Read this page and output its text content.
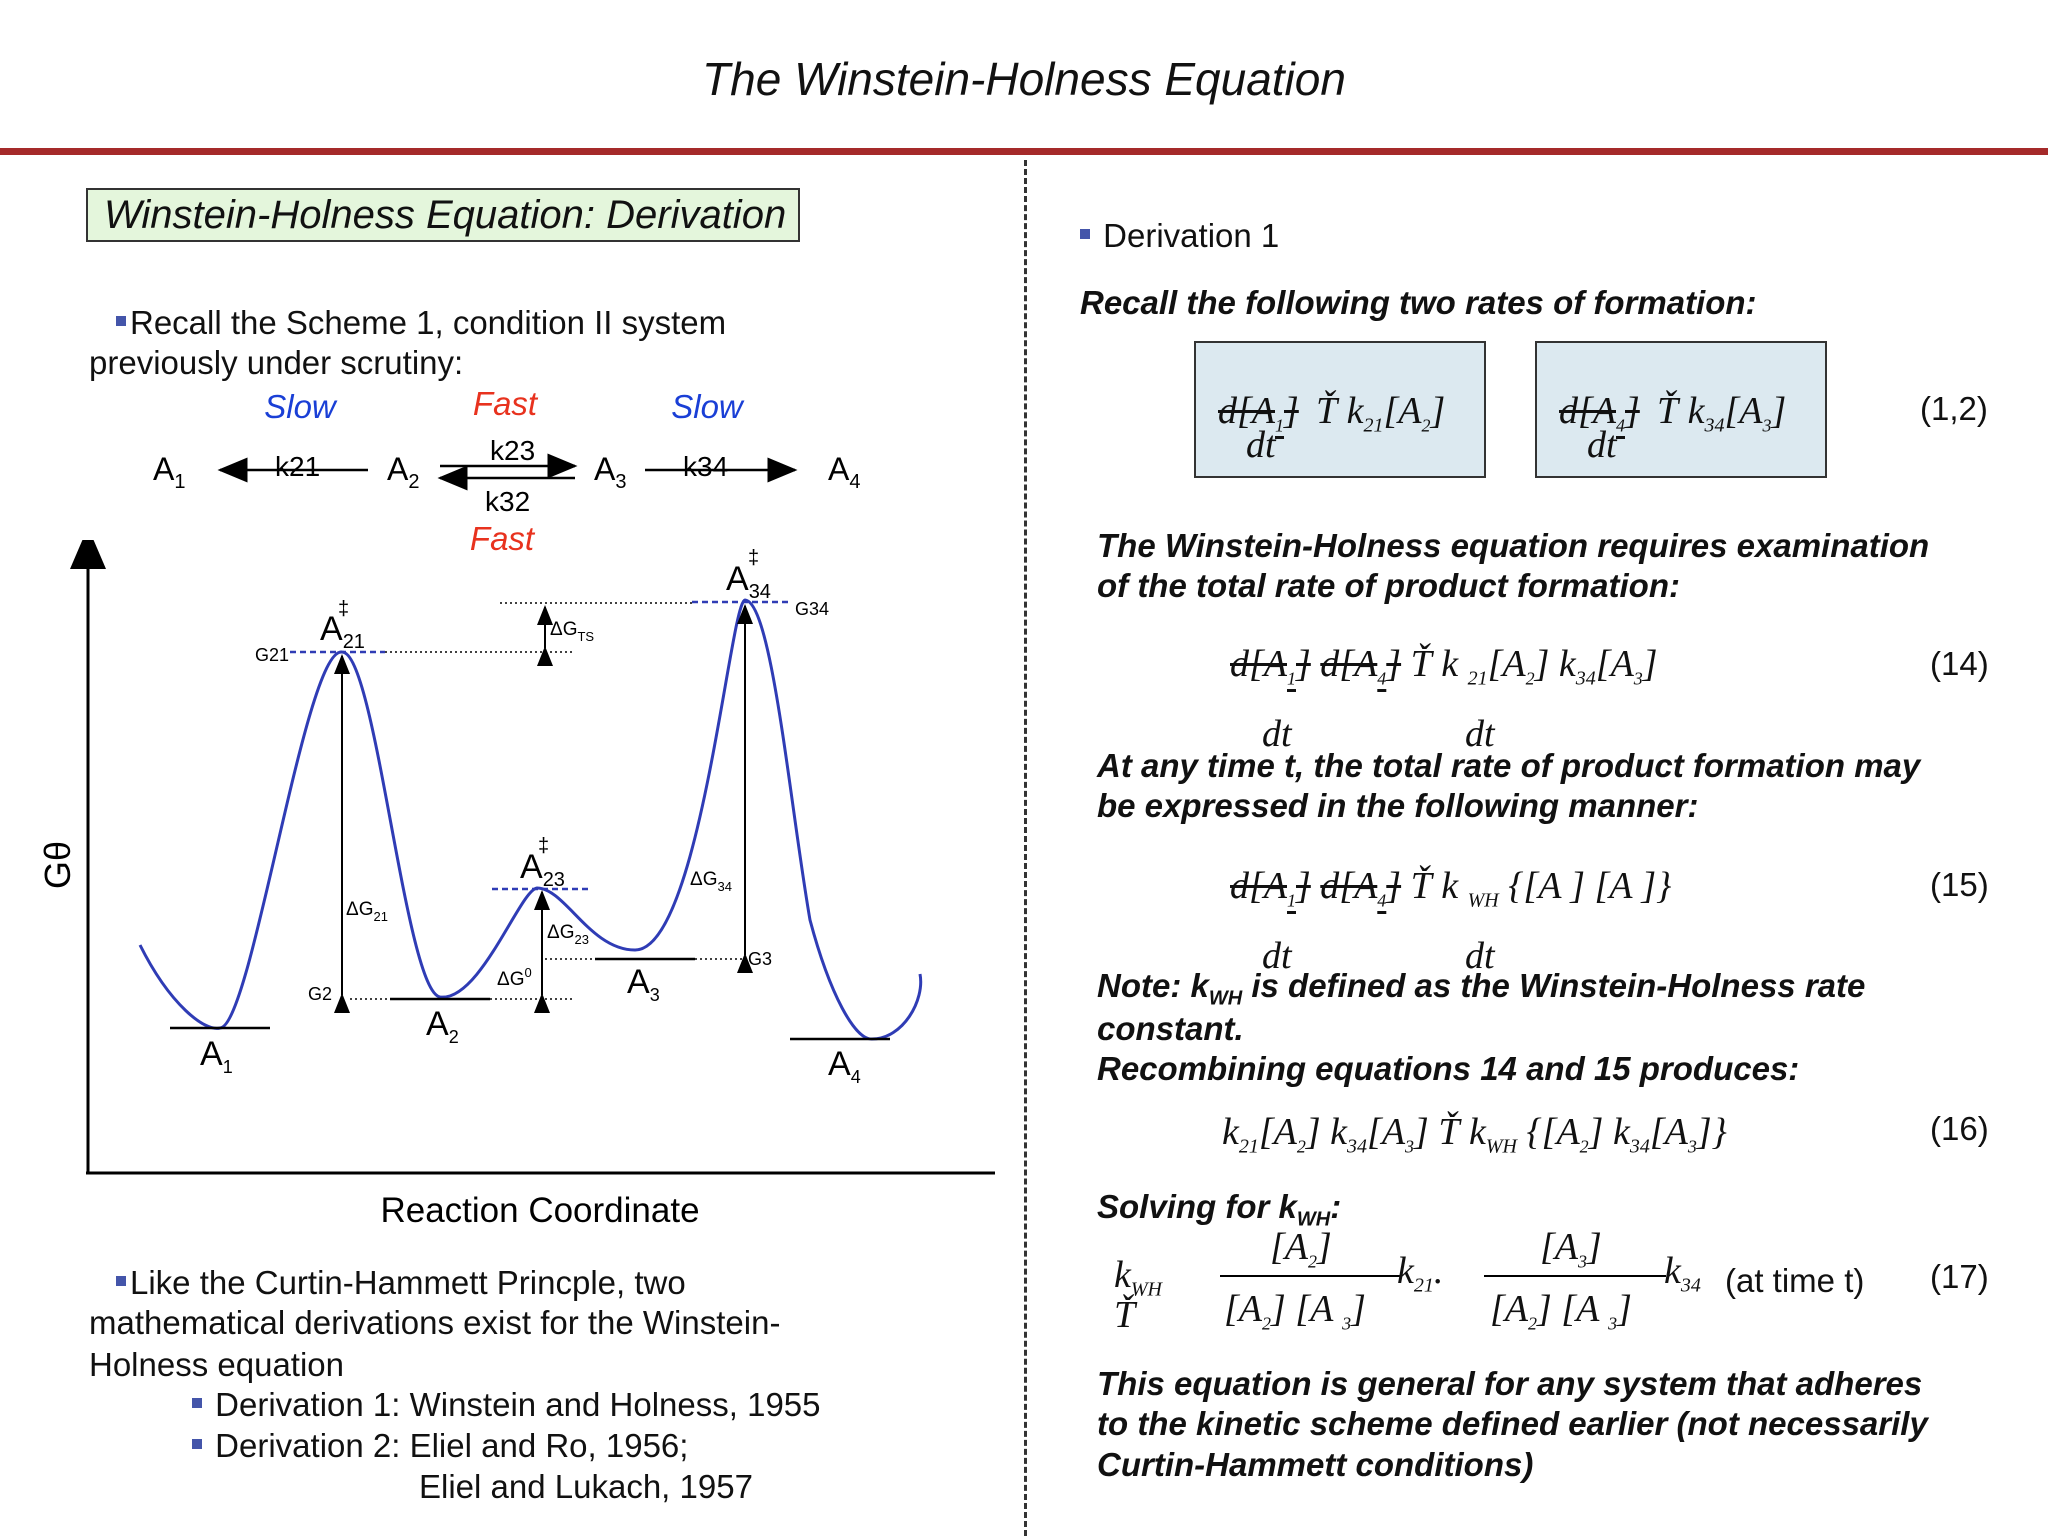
The Winstein-Holness Equation
Winstein-Holness Equation: Derivation
Recall the Scheme 1, condition II system
previously under scrutiny:
Slow	Fast	Slow
Fast
$A_1$	$A_2$	$A_3$	$A_4$
k21
k23
k32
k34
Gθ
Reaction Coordinate
$A_{21}$
‡
$A_{23}$
‡
$A_{34}$
‡
G21
G2
G3
G34
$\Delta G_{21}$
$\Delta G_{23}$
$\Delta G_{34}$
$\Delta G_{TS}$
$\Delta G^0$
$A_1$
$A_2$
$A_3$
$A_4$
Like the Curtin-Hammett Princple, two
mathematical derivations exist for the Winstein-
Holness equation
Derivation 1: Winstein and Holness, 1955
Derivation 2: Eliel and Ro, 1956;
Eliel and Lukach, 1957
Derivation 1
Recall the following two rates of formation:
$d[A_1]$
dt
Ť $k_{21}[A_2]$	$d[A_4]$
dt
Ť $k_{34}[A_3]$	(1,2)
The Winstein-Holness equation requires examination
of the total rate of product formation:
$d[A_1]$ $d[A_4]$ Ť k $_{21}[A_2]$ $k_{34}[A_3]$
dt	dt
(14)
At any time t, the total rate of product formation may
be expressed in the following manner:
$d[A_1]$ $d[A_4]$ Ť k $_{WH}$ {[A ] [A ]}
dt	dt
(15)
Note: $k_{WH}$ is defined as the Winstein-Holness rate
constant.
Recombining equations 14 and 15 produces:
$k_{21}[A_2]$ $k_{34}[A_3]$ Ť $k_{WH}$ {$[A_2]$ $k_{34}[A_3]$}	(16)
Solving for $k_{WH}$:
$k_{WH}$
Ť
$[A_2]$
$[A_2]$ [A $_3$]
$k_{21}$.
$[A_3]$
$[A_2]$ [A $_3$]
$k_{34}$ (at time t) (17)
This equation is general for any system that adheres
to the kinetic scheme defined earlier (not necessarily
Curtin-Hammett conditions)
